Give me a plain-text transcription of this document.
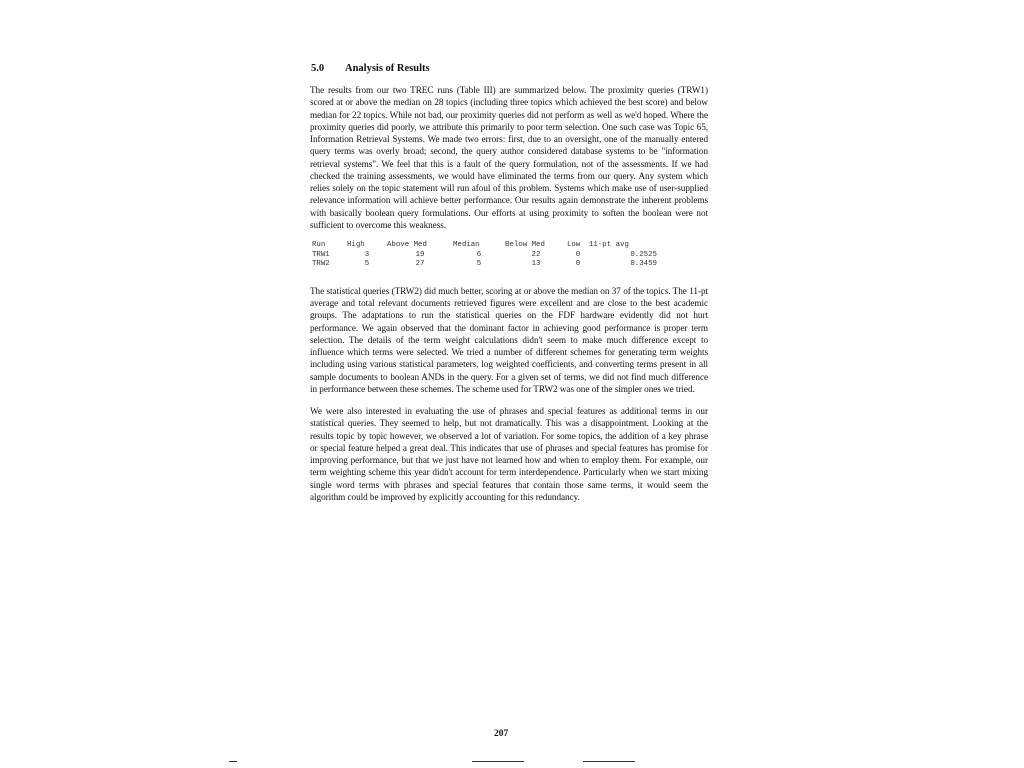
5.0 Analysis of Results

The results from our two TREC runs (Table III) are summarized below. The proximity queries (TRW1) scored at or above the median on 28 topics (including three topics which achieved the best score) and below median for 22 topics. While not bad, our proximity queries did not perform as well as we'd hoped. Where the proximity queries did poorly, we attribute this primarily to poor term selection. One such case was Topic 65, Information Retrieval Systems. We made two errors: first, due to an oversight, one of the manually entered query terms was overly broad; second, the query author considered database systems to be "information retrieval systems". We feel that this is a fault of the query formulation, not of the assessments. If we had checked the training assessments, we would have eliminated the terms from our query. Any system which relies solely on the topic statement will run afoul of this problem. Systems which make use of user-supplied relevance information will achieve better performance. Our results again demonstrate the inherent problems with basically boolean query formulations. Our efforts at using proximity to soften the boolean were not sufficient to overcome this weakness.

Run	High	Above Med	Median	Below Med	Low	11-pt avg
TRW1	3	19	6	22	0	0.2525
TRW2	5	27	5	13	0	0.3459

The statistical queries (TRW2) did much better, scoring at or above the median on 37 of the topics. The 11-pt average and total relevant documents retrieved figures were excellent and are close to the best academic groups. The adaptations to run the statistical queries on the FDF hardware evidently did not hurt performance. We again observed that the dominant factor in achieving good performance is proper term selection. The details of the term weight calculations didn't seem to make much difference except to influence which terms were selected. We tried a number of different schemes for generating term weights including using various statistical parameters, log weighted coefficients, and converting terms present in all sample documents to boolean ANDs in the query. For a given set of terms, we did not find much difference in performance between these schemes. The scheme used for TRW2 was one of the simpler ones we tried.

We were also interested in evaluating the use of phrases and special features as additional terms in our statistical queries. They seemed to help, but not dramatically. This was a disappointment. Looking at the results topic by topic however, we observed a lot of variation. For some topics, the addition of a key phrase or special feature helped a great deal. This indicates that use of phrases and special features has promise for improving performance, but that we just have not learned how and when to employ them. For example, our term weighting scheme this year didn't account for term interdependence. Particularly when we start mixing single word terms with phrases and special features that contain those same terms, it would seem the algorithm could be improved by explicitly accounting for this redundancy.

207
